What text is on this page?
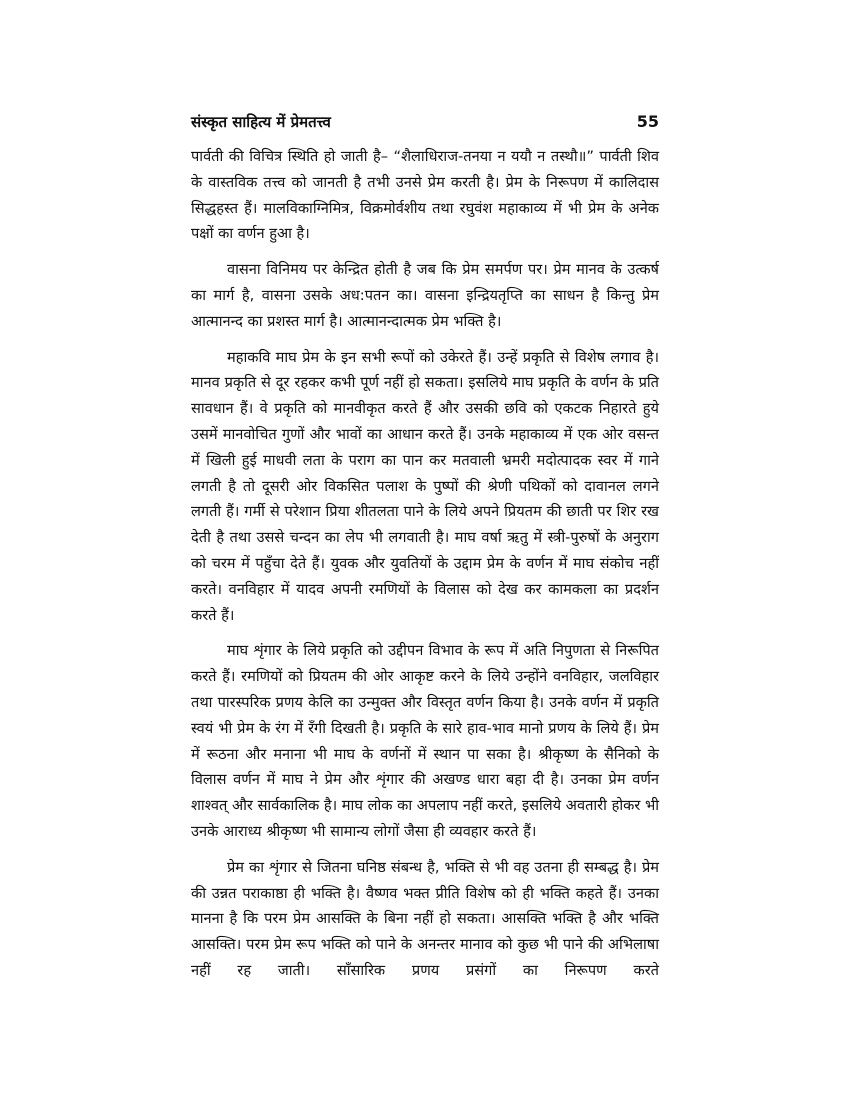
संस्कृत साहित्य में प्रेमतत्त्व	55

पार्वती की विचित्र स्थिति हो जाती है– “शैलाधिराज-तनया न ययौ न तस्थौ॥” पार्वती शिव के वास्तविक तत्त्व को जानती है तभी उनसे प्रेम करती है। प्रेम के निरूपण में कालिदास सिद्धहस्त हैं। मालविकाग्निमित्र, विक्रमोर्वशीय तथा रघुवंश महाकाव्य में भी प्रेम के अनेक पक्षों का वर्णन हुआ है।

वासना विनिमय पर केन्द्रित होती है जब कि प्रेम समर्पण पर। प्रेम मानव के उत्कर्ष का मार्ग है, वासना उसके अध:पतन का। वासना इन्द्रियतृप्ति का साधन है किन्तु प्रेम आत्मानन्द का प्रशस्त मार्ग है। आत्मानन्दात्मक प्रेम भक्ति है।

महाकवि माघ प्रेम के इन सभी रूपों को उकेरते हैं। उन्हें प्रकृति से विशेष लगाव है। मानव प्रकृति से दूर रहकर कभी पूर्ण नहीं हो सकता। इसलिये माघ प्रकृति के वर्णन के प्रति सावधान हैं। वे प्रकृति को मानवीकृत करते हैं और उसकी छवि को एकटक निहारते हुये उसमें मानवोचित गुणों और भावों का आधान करते हैं। उनके महाकाव्य में एक ओर वसन्त में खिली हुई माधवी लता के पराग का पान कर मतवाली भ्रमरी मदोत्पादक स्वर में गाने लगती है तो दूसरी ओर विकसित पलाश के पुष्पों की श्रेणी पथिकों को दावानल लगने लगती हैं। गर्मी से परेशान प्रिया शीतलता पाने के लिये अपने प्रियतम की छाती पर शिर रख देती है तथा उससे चन्दन का लेप भी लगवाती है। माघ वर्षा ऋतु में स्त्री-पुरुषों के अनुराग को चरम में पहुँचा देते हैं। युवक और युवतियों के उद्दाम प्रेम के वर्णन में माघ संकोच नहीं करते। वनविहार में यादव अपनी रमणियों के विलास को देख कर कामकला का प्रदर्शन करते हैं।

माघ शृंगार के लिये प्रकृति को उद्दीपन विभाव के रूप में अति निपुणता से निरूपित करते हैं। रमणियों को प्रियतम की ओर आकृष्ट करने के लिये उन्होंने वनविहार, जलविहार तथा पारस्परिक प्रणय केलि का उन्मुक्त और विस्तृत वर्णन किया है। उनके वर्णन में प्रकृति स्वयं भी प्रेम के रंग में रँगी दिखती है। प्रकृति के सारे हाव-भाव मानो प्रणय के लिये हैं। प्रेम में रूठना और मनाना भी माघ के वर्णनों में स्थान पा सका है। श्रीकृष्ण के सैनिको के विलास वर्णन में माघ ने प्रेम और शृंगार की अखण्ड धारा बहा दी है। उनका प्रेम वर्णन शाश्वत् और सार्वकालिक है। माघ लोक का अपलाप नहीं करते, इसलिये अवतारी होकर भी उनके आराध्य श्रीकृष्ण भी सामान्य लोगों जैसा ही व्यवहार करते हैं।

प्रेम का शृंगार से जितना घनिष्ठ संबन्ध है, भक्ति से भी वह उतना ही सम्बद्ध है। प्रेम की उन्नत पराकाष्ठा ही भक्ति है। वैष्णव भक्त प्रीति विशेष को ही भक्ति कहते हैं। उनका मानना है कि परम प्रेम आसक्ति के बिना नहीं हो सकता। आसक्ति भक्ति है और भक्ति आसक्ति। परम प्रेम रूप भक्ति को पाने के अनन्तर मानाव को कुछ भी पाने की अभिलाषा नहीं रह जाती। साँसारिक प्रणय प्रसंगों का निरूपण करते
